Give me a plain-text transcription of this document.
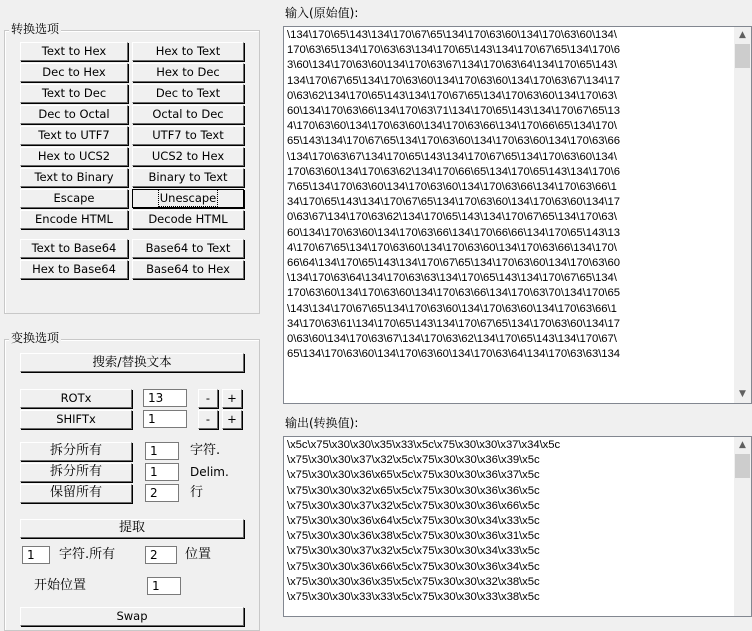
转换选项
Text to Hex	Hex to Text
Dec to Hex	Hex to Dec
Text to Dec	Dec to Text
Dec to Octal	Octal to Dec
Text to UTF7	UTF7 to Text
Hex to UCS2	UCS2 to Hex
Text to Binary	Binary to Text
Escape	Unescape
Encode HTML	Decode HTML
Text to Base64	Base64 to Text
Hex to Base64	Base64 to Hex
变换选项
搜索/替换文本
ROTx	13	-	+
SHIFTx	1	-	+
拆分所有	1	字符.
拆分所有	1	Delim.
保留所有	2	行
提取
1	字符.所有	2	位置
开始位置	1
Swap
输入(原始值):
\134\170\65\143\134\170\67\65\134\170\63\60\134\170\63\60\134\
170\63\65\134\170\63\63\134\170\65\143\134\170\67\65\134\170\6
3\60\134\170\63\60\134\170\63\67\134\170\63\64\134\170\65\143\
134\170\67\65\134\170\63\60\134\170\63\60\134\170\63\67\134\17
0\63\62\134\170\65\143\134\170\67\65\134\170\63\60\134\170\63\
60\134\170\63\66\134\170\63\71\134\170\65\143\134\170\67\65\13
4\170\63\60\134\170\63\60\134\170\63\66\134\170\66\65\134\170\
65\143\134\170\67\65\134\170\63\60\134\170\63\60\134\170\63\66
\134\170\63\67\134\170\65\143\134\170\67\65\134\170\63\60\134\
170\63\60\134\170\63\62\134\170\66\65\134\170\65\143\134\170\6
7\65\134\170\63\60\134\170\63\60\134\170\63\66\134\170\63\66\1
34\170\65\143\134\170\67\65\134\170\63\60\134\170\63\60\134\17
0\63\67\134\170\63\62\134\170\65\143\134\170\67\65\134\170\63\
60\134\170\63\60\134\170\63\66\134\170\66\66\134\170\65\143\13
4\170\67\65\134\170\63\60\134\170\63\60\134\170\63\66\134\170\
66\64\134\170\65\143\134\170\67\65\134\170\63\60\134\170\63\60
\134\170\63\64\134\170\63\63\134\170\65\143\134\170\67\65\134\
170\63\60\134\170\63\60\134\170\63\66\134\170\63\70\134\170\65
\143\134\170\67\65\134\170\63\60\134\170\63\60\134\170\63\66\1
34\170\63\61\134\170\65\143\134\170\67\65\134\170\63\60\134\17
0\63\60\134\170\63\67\134\170\63\62\134\170\65\143\134\170\67\
65\134\170\63\60\134\170\63\60\134\170\63\64\134\170\63\63\134
▲
▼
输出(转换值):
\x5c\x75\x30\x30\x35\x33\x5c\x75\x30\x30\x37\x34\x5c
\x75\x30\x30\x37\x32\x5c\x75\x30\x30\x36\x39\x5c
\x75\x30\x30\x36\x65\x5c\x75\x30\x30\x36\x37\x5c
\x75\x30\x30\x32\x65\x5c\x75\x30\x30\x36\x36\x5c
\x75\x30\x30\x37\x32\x5c\x75\x30\x30\x36\x66\x5c
\x75\x30\x30\x36\x64\x5c\x75\x30\x30\x34\x33\x5c
\x75\x30\x30\x36\x38\x5c\x75\x30\x30\x36\x31\x5c
\x75\x30\x30\x37\x32\x5c\x75\x30\x30\x34\x33\x5c
\x75\x30\x30\x36\x66\x5c\x75\x30\x30\x36\x34\x5c
\x75\x30\x30\x36\x35\x5c\x75\x30\x30\x32\x38\x5c
\x75\x30\x30\x33\x33\x5c\x75\x30\x30\x33\x38\x5c
▲
